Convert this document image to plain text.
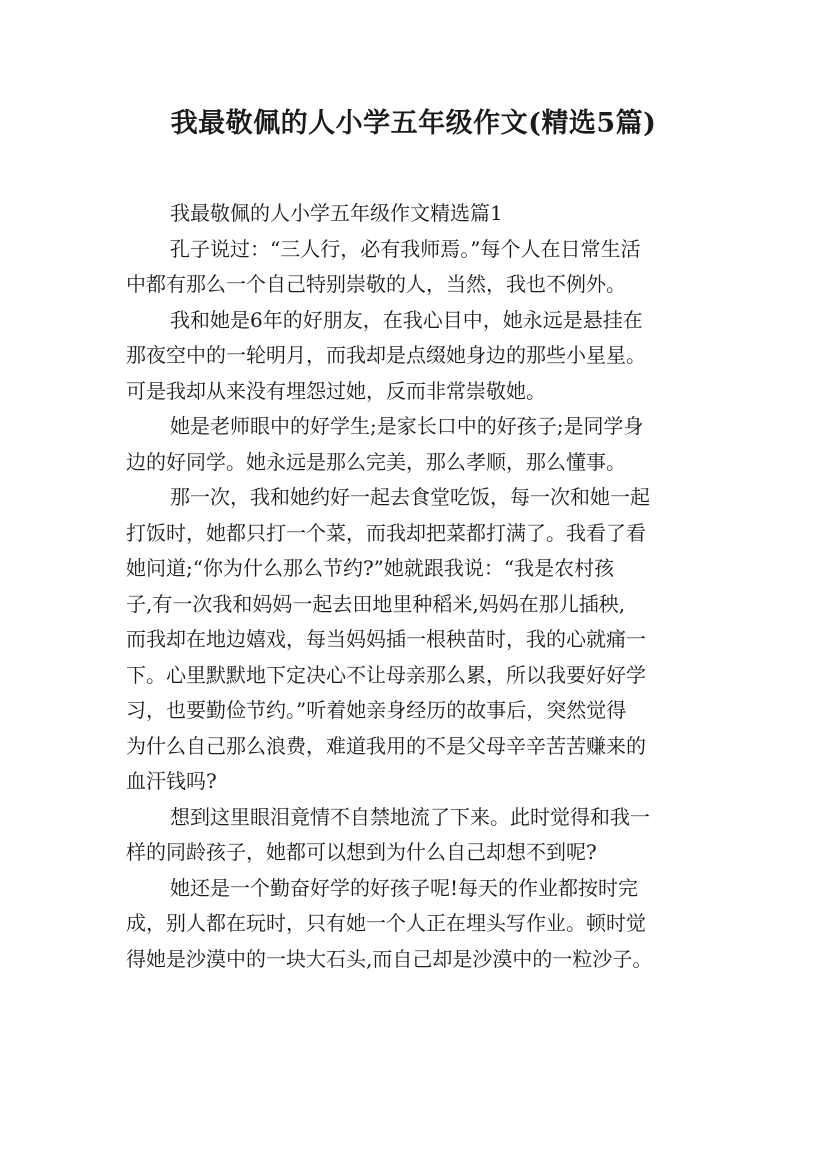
我最敬佩的人小学五年级作文(精选5篇)
我最敬佩的人小学五年级作文精选篇1
孔子说过：“三人行，必有我师焉。”每个人在日常生活
中都有那么一个自己特别崇敬的人，当然，我也不例外。
我和她是6年的好朋友，在我心目中，她永远是悬挂在
那夜空中的一轮明月，而我却是点缀她身边的那些小星星。
可是我却从来没有埋怨过她，反而非常崇敬她。
她是老师眼中的好学生;是家长口中的好孩子;是同学身
边的好同学。她永远是那么完美，那么孝顺，那么懂事。
那一次，我和她约好一起去食堂吃饭，每一次和她一起
打饭时，她都只打一个菜，而我却把菜都打满了。我看了看
她问道;“你为什么那么节约?”她就跟我说：“我是农村孩
子,有一次我和妈妈一起去田地里种稻米,妈妈在那儿插秧,
而我却在地边嬉戏，每当妈妈插一根秧苗时，我的心就痛一
下。心里默默地下定决心不让母亲那么累，所以我要好好学
习，也要勤俭节约。”听着她亲身经历的故事后，突然觉得
为什么自己那么浪费，难道我用的不是父母辛辛苦苦赚来的
血汗钱吗?
想到这里眼泪竟情不自禁地流了下来。此时觉得和我一
样的同龄孩子，她都可以想到为什么自己却想不到呢?
她还是一个勤奋好学的好孩子呢!每天的作业都按时完
成，别人都在玩时，只有她一个人正在埋头写作业。顿时觉
得她是沙漠中的一块大石头,而自己却是沙漠中的一粒沙子。
